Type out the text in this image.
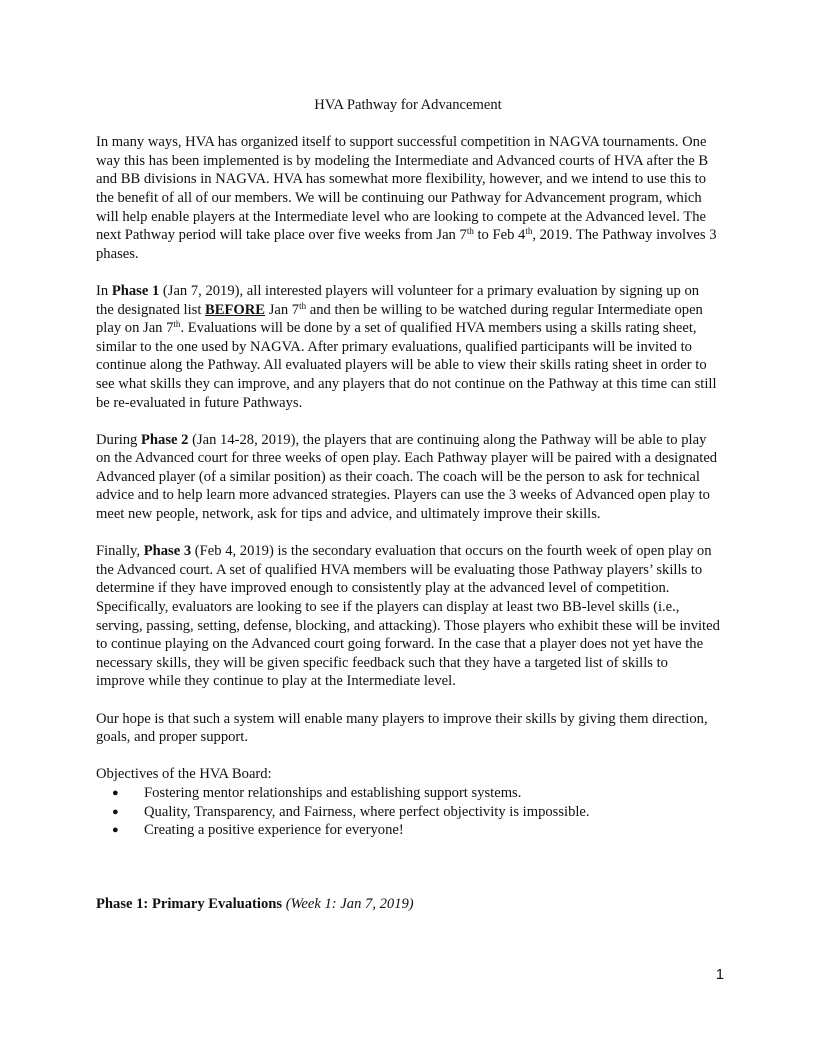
HVA Pathway for Advancement

In many ways, HVA has organized itself to support successful competition in NAGVA tournaments. One way this has been implemented is by modeling the Intermediate and Advanced courts of HVA after the B and BB divisions in NAGVA. HVA has somewhat more flexibility, however, and we intend to use this to the benefit of all of our members. We will be continuing our Pathway for Advancement program, which will help enable players at the Intermediate level who are looking to compete at the Advanced level. The next Pathway period will take place over five weeks from Jan 7th to Feb 4th, 2019. The Pathway involves 3 phases.

In Phase 1 (Jan 7, 2019), all interested players will volunteer for a primary evaluation by signing up on the designated list BEFORE Jan 7th and then be willing to be watched during regular Intermediate open play on Jan 7th. Evaluations will be done by a set of qualified HVA members using a skills rating sheet, similar to the one used by NAGVA. After primary evaluations, qualified participants will be invited to continue along the Pathway. All evaluated players will be able to view their skills rating sheet in order to see what skills they can improve, and any players that do not continue on the Pathway at this time can still be re-evaluated in future Pathways.

During Phase 2 (Jan 14-28, 2019), the players that are continuing along the Pathway will be able to play on the Advanced court for three weeks of open play. Each Pathway player will be paired with a designated Advanced player (of a similar position) as their coach. The coach will be the person to ask for technical advice and to help learn more advanced strategies. Players can use the 3 weeks of Advanced open play to meet new people, network, ask for tips and advice, and ultimately improve their skills.

Finally, Phase 3 (Feb 4, 2019) is the secondary evaluation that occurs on the fourth week of open play on the Advanced court. A set of qualified HVA members will be evaluating those Pathway players’ skills to determine if they have improved enough to consistently play at the advanced level of competition. Specifically, evaluators are looking to see if the players can display at least two BB-level skills (i.e., serving, passing, setting, defense, blocking, and attacking). Those players who exhibit these will be invited to continue playing on the Advanced court going forward. In the case that a player does not yet have the necessary skills, they will be given specific feedback such that they have a targeted list of skills to improve while they continue to play at the Intermediate level.

Our hope is that such a system will enable many players to improve their skills by giving them direction, goals, and proper support.

Objectives of the HVA Board:
● Fostering mentor relationships and establishing support systems.
● Quality, Transparency, and Fairness, where perfect objectivity is impossible.
● Creating a positive experience for everyone!
Phase 1: Primary Evaluations (Week 1: Jan 7, 2019)
1
